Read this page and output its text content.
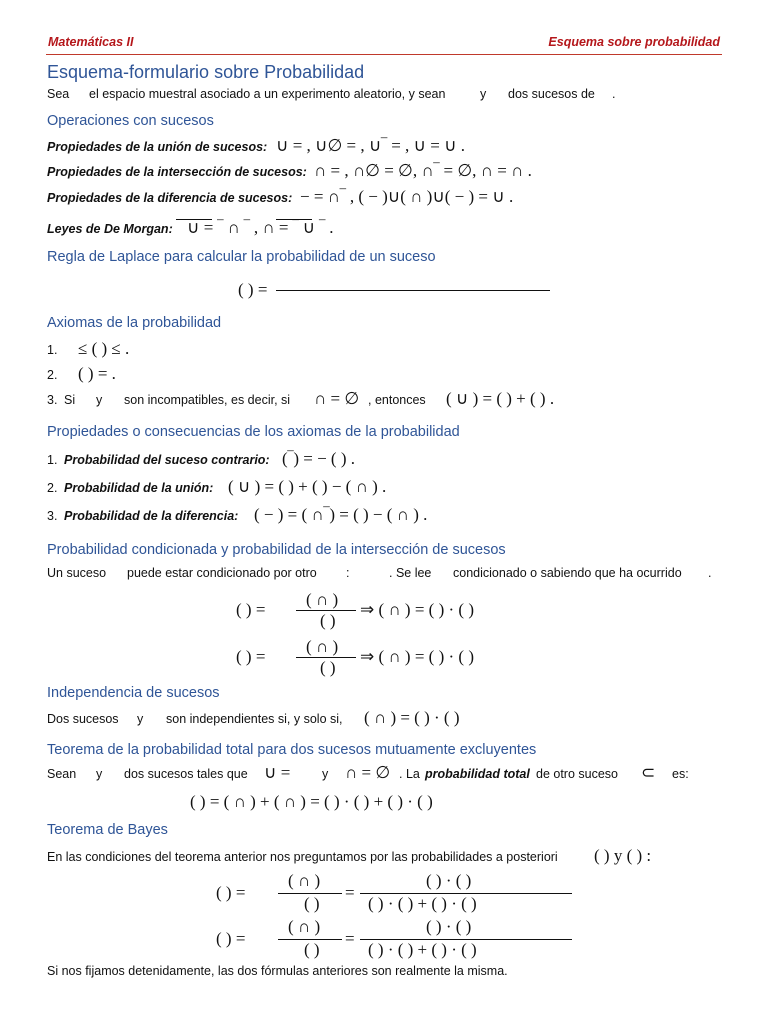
Matemáticas II	Esquema sobre probabilidad
Esquema-formulario sobre Probabilidad
Sea el espacio muestral asociado a un experimento aleatorio, y sean	y dos sucesos de .
Operaciones con sucesos
Propiedades de la unión de sucesos: ∪ = , ∪∅ = , ∪‾ = , ∪ = ∪ .
Propiedades de la intersección de sucesos: ∩ = , ∩∅ = ∅, ∩‾ = ∅, ∩ = ∩ .
Propiedades de la diferencia de sucesos: − = ∩‾ , ( − )∪( ∩ )∪( − ) = ∪ .
Leyes de De Morgan: ∪ = ‾ ∩ ‾ , ∩ = ‾ ∪ ‾ .
Regla de Laplace para calcular la probabilidad de un suceso
( ) =
Axiomas de la probabilidad
1. ≤ ( ) ≤ .
2. ( ) = .
3. Si y son incompatibles, es decir, si ∩ = ∅ , entonces ( ∪ ) = ( ) + ( ) .
Propiedades o consecuencias de los axiomas de la probabilidad
1. Probabilidad del suceso contrario: (‾) = − ( ) .
2. Probabilidad de la unión: ( ∪ ) = ( ) + ( ) − ( ∩ ) .
3. Probabilidad de la diferencia: ( − ) = ( ∩‾) = ( ) − ( ∩ ) .
Probabilidad condicionada y probabilidad de la intersección de sucesos
Un suceso puede estar condicionado por otro :	. Se lee condicionado o sabiendo que ha ocurrido .
( ) =
( ∩ )
( )
⇒ ( ∩ ) = ( ) · ( )
( ) =
( ∩ )
( )
⇒ ( ∩ ) = ( ) · ( )
Independencia de sucesos
Dos sucesos y son independientes si, y solo si, ( ∩ ) = ( ) · ( )
Teorema de la probabilidad total para dos sucesos mutuamente excluyentes
Sean y dos sucesos tales que ∪ =	y ∩ = ∅ . La probabilidad total de otro suceso ⊂ es:
( ) = ( ∩ ) + ( ∩ ) = ( ) · ( ) + ( ) · ( )
Teorema de Bayes
En las condiciones del teorema anterior nos preguntamos por las probabilidades a posteriori ( ) y ( ) :
( ) =
( ∩ )
( )
=
( ) · ( )
( ) · ( ) + ( ) · ( )
( ) =
( ∩ )
( )
=
( ) · ( )
( ) · ( ) + ( ) · ( )
Si nos fijamos detenidamente, las dos fórmulas anteriores son realmente la misma.
